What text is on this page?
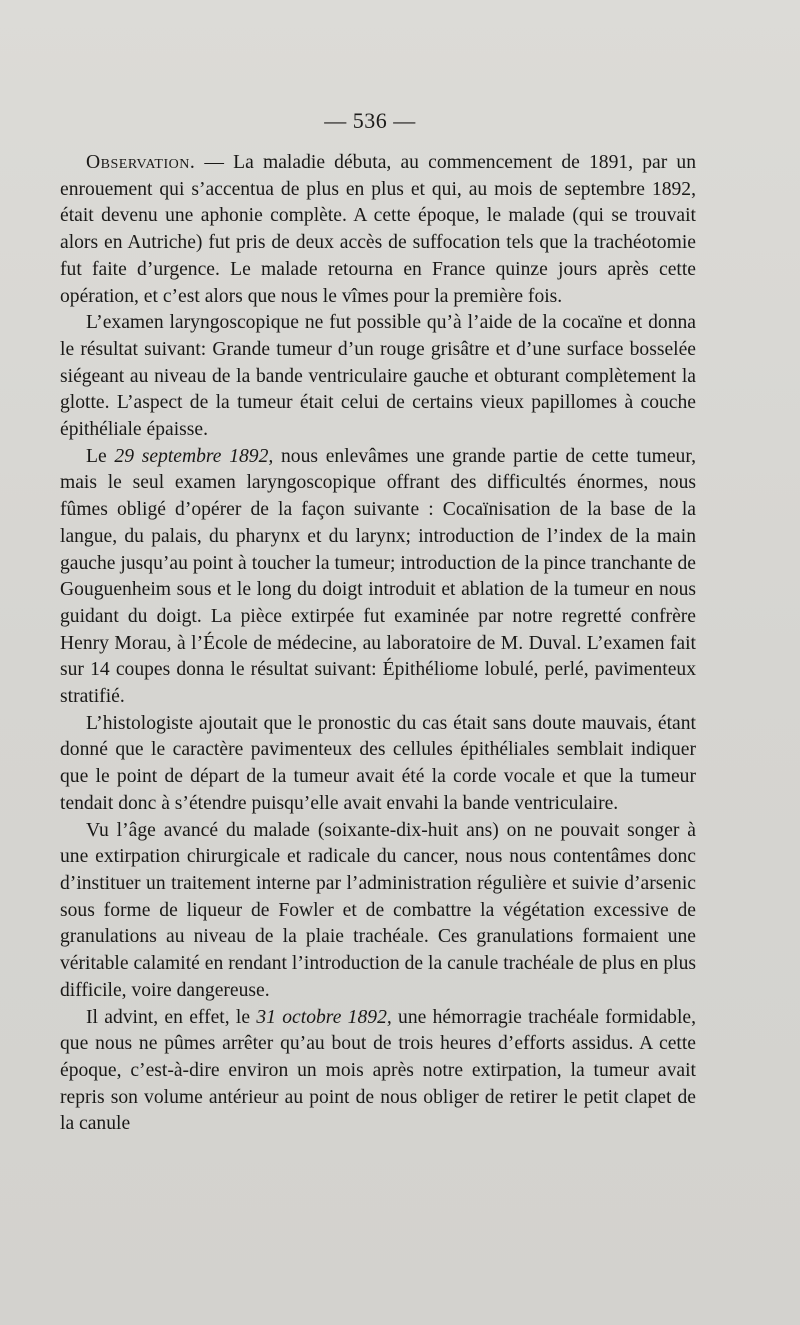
— 536 —

Observation. — La maladie débuta, au commencement de 1891, par un enrouement qui s’accentua de plus en plus et qui, au mois de septembre 1892, était devenu une aphonie complète. A cette époque, le malade (qui se trouvait alors en Autriche) fut pris de deux accès de suffocation tels que la trachéotomie fut faite d’urgence. Le malade retourna en France quinze jours après cette opération, et c’est alors que nous le vîmes pour la première fois.

L’examen laryngoscopique ne fut possible qu’à l’aide de la cocaïne et donna le résultat suivant: Grande tumeur d’un rouge grisâtre et d’une surface bosselée siégeant au niveau de la bande ventriculaire gauche et obturant complètement la glotte. L’aspect de la tumeur était celui de certains vieux papillomes à couche épithéliale épaisse.

Le 29 septembre 1892, nous enlevâmes une grande partie de cette tumeur, mais le seul examen laryngoscopique offrant des difficultés énormes, nous fûmes obligé d’opérer de la façon suivante : Cocaïnisation de la base de la langue, du palais, du pharynx et du larynx; introduction de l’index de la main gauche jusqu’au point à toucher la tumeur; introduction de la pince tranchante de Gouguenheim sous et le long du doigt introduit et ablation de la tumeur en nous guidant du doigt. La pièce extirpée fut examinée par notre regretté confrère Henry Morau, à l’École de médecine, au laboratoire de M. Duval. L’examen fait sur 14 coupes donna le résultat suivant: Épithéliome lobulé, perlé, pavimenteux stratifié.

L’histologiste ajoutait que le pronostic du cas était sans doute mauvais, étant donné que le caractère pavimenteux des cellules épithéliales semblait indiquer que le point de départ de la tumeur avait été la corde vocale et que la tumeur tendait donc à s’étendre puisqu’elle avait envahi la bande ventriculaire.

Vu l’âge avancé du malade (soixante-dix-huit ans) on ne pouvait songer à une extirpation chirurgicale et radicale du cancer, nous nous contentâmes donc d’instituer un traitement interne par l’administration régulière et suivie d’arsenic sous forme de liqueur de Fowler et de combattre la végétation excessive de granulations au niveau de la plaie trachéale. Ces granulations formaient une véritable calamité en rendant l’introduction de la canule trachéale de plus en plus difficile, voire dangereuse.

Il advint, en effet, le 31 octobre 1892, une hémorragie trachéale formidable, que nous ne pûmes arrêter qu’au bout de trois heures d’efforts assidus. A cette époque, c’est-à-dire environ un mois après notre extirpation, la tumeur avait repris son volume antérieur au point de nous obliger de retirer le petit clapet de la canule
